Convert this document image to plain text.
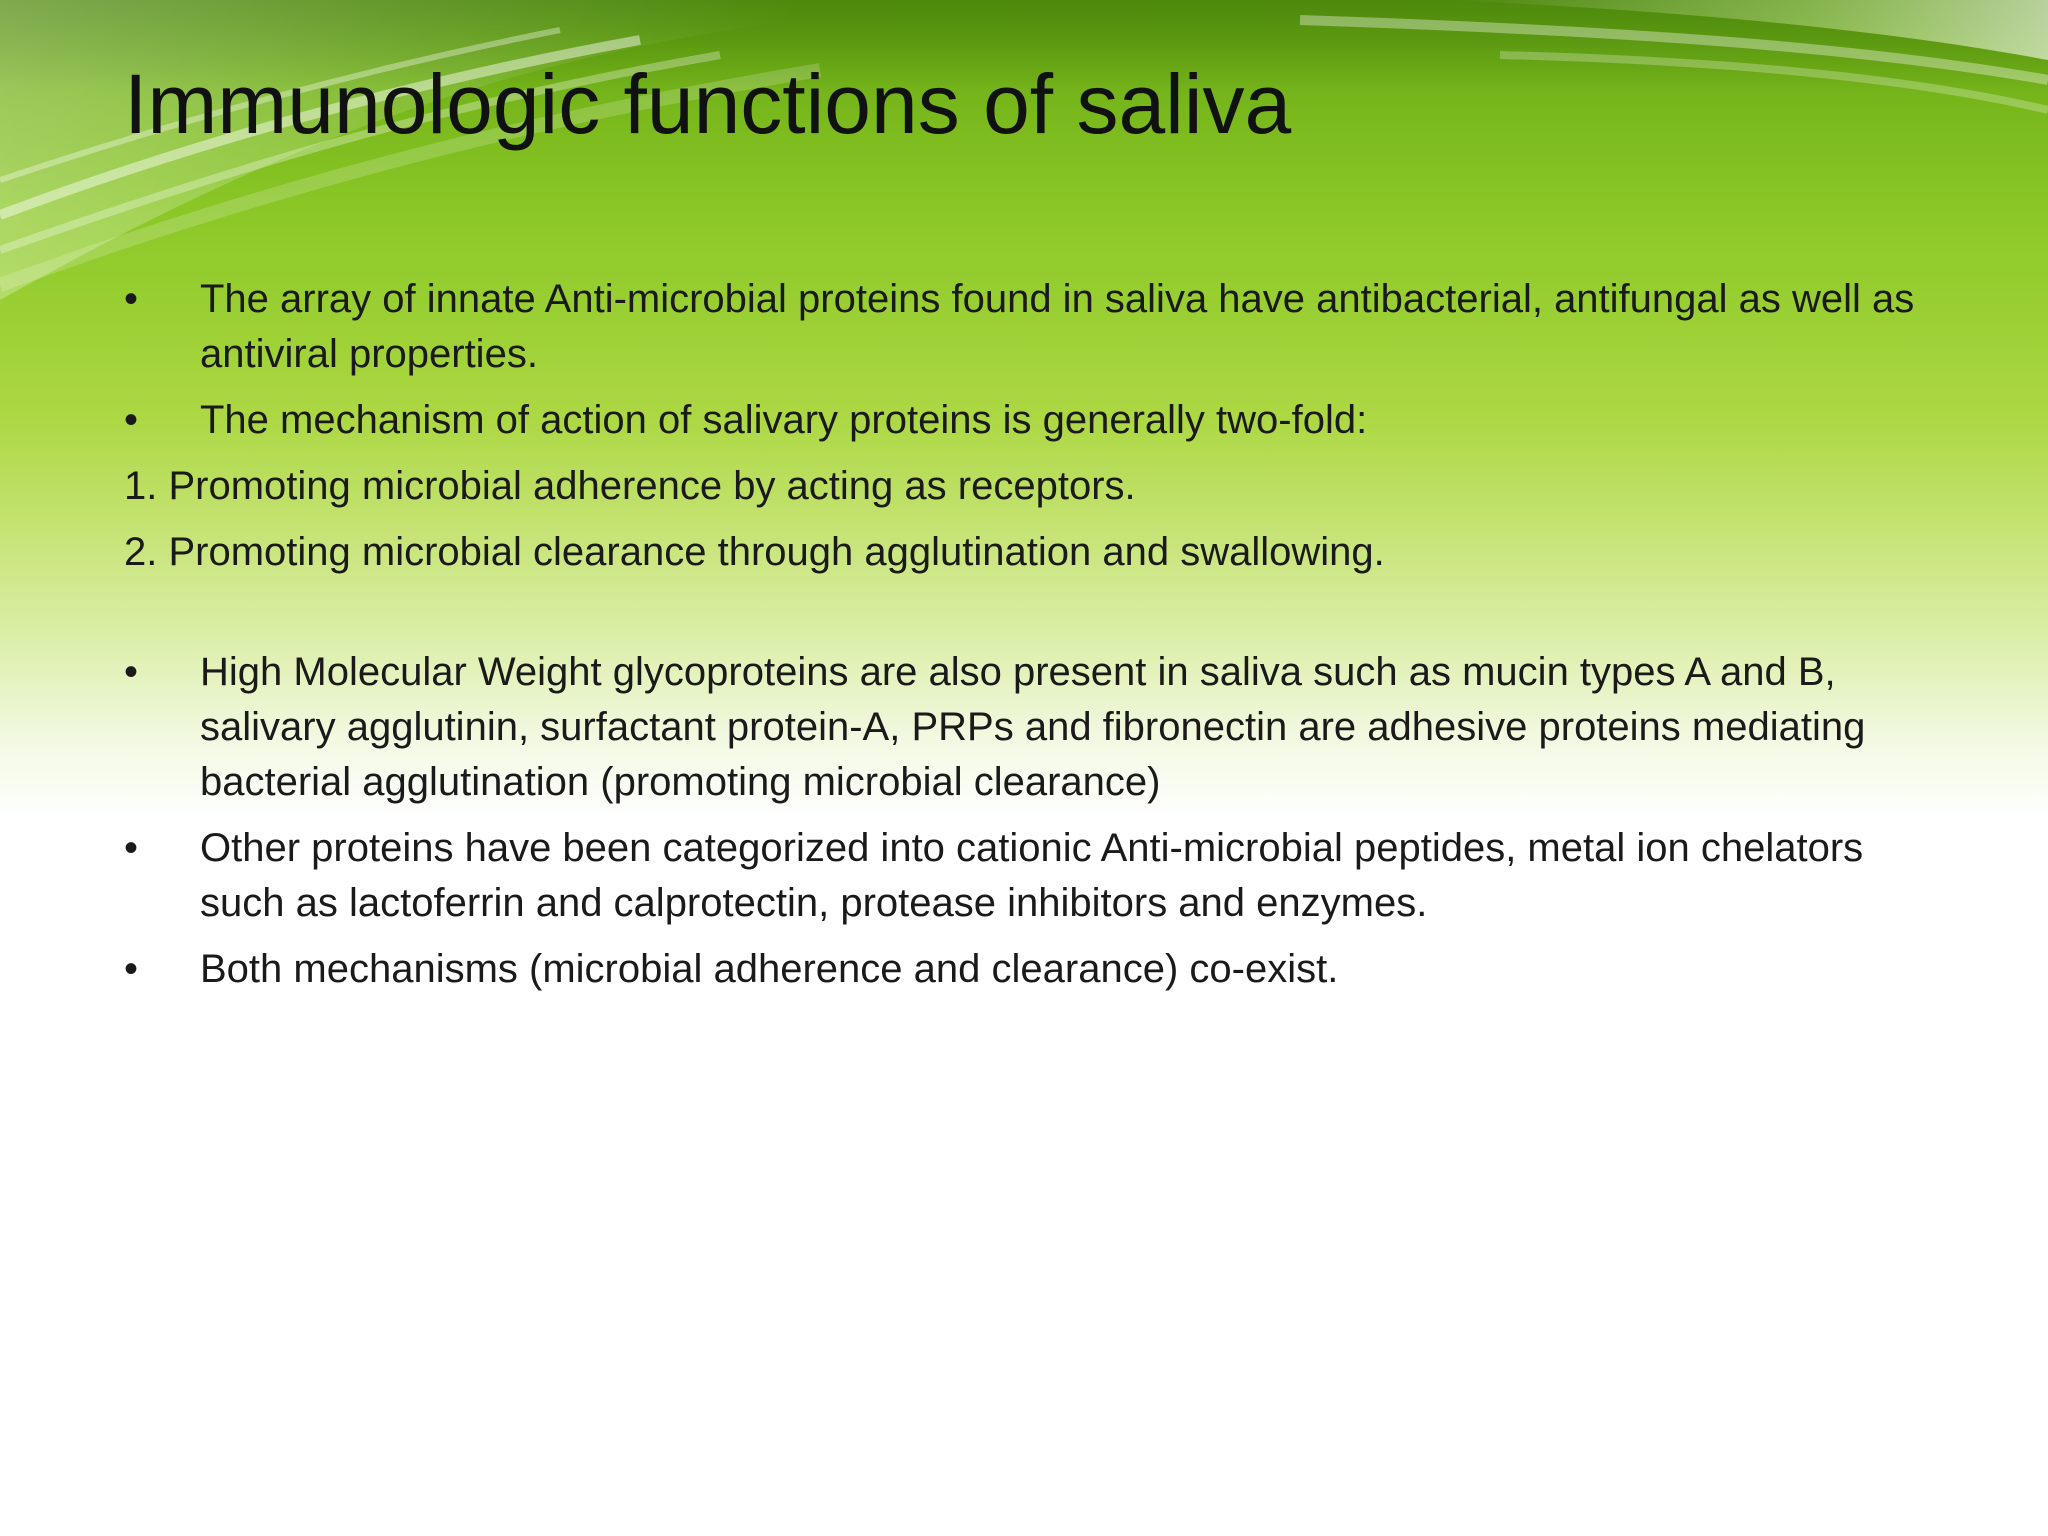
Immunologic functions of saliva
•	The array of innate Anti-microbial proteins found in saliva have antibacterial, antifungal as well as antiviral properties.
•	The mechanism of action of salivary proteins is generally two-fold:
1. Promoting microbial adherence by acting as receptors.
2. Promoting microbial clearance through agglutination and swallowing.
•	High Molecular Weight glycoproteins are also present in saliva such as mucin types A and B, salivary agglutinin, surfactant protein-A, PRPs and fibronectin are adhesive proteins mediating bacterial agglutination (promoting microbial clearance)
•	Other proteins have been categorized into cationic Anti-microbial peptides, metal ion chelators such as lactoferrin and calprotectin, protease inhibitors and enzymes.
•	Both mechanisms (microbial adherence and clearance) co-exist.
